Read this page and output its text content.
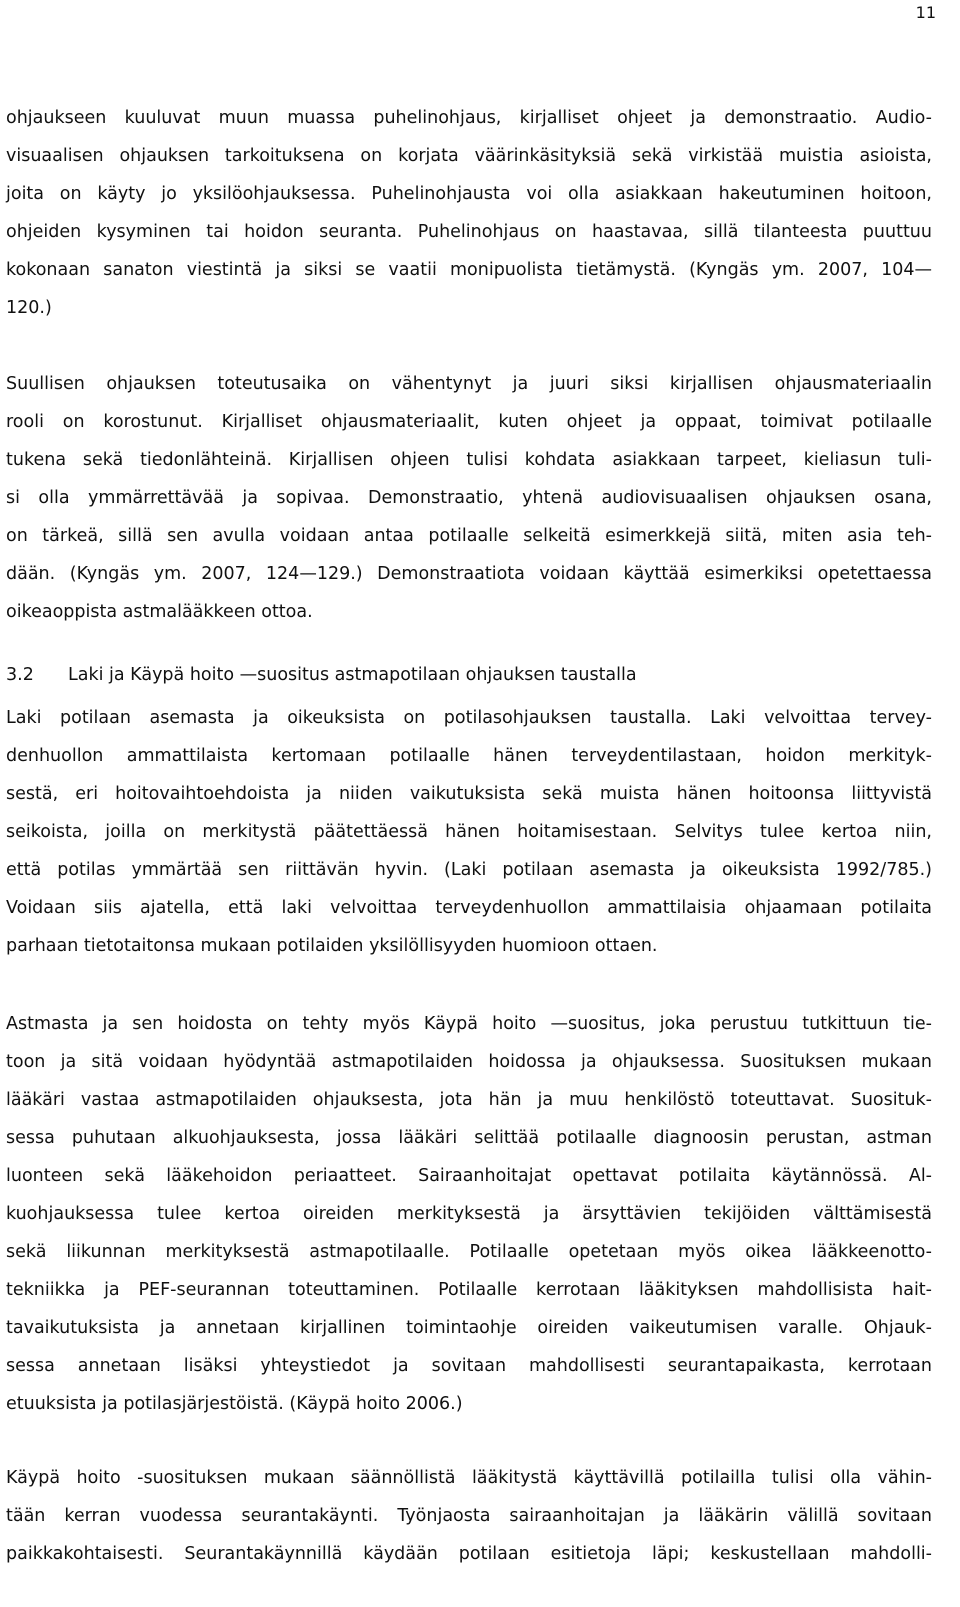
11
ohjaukseen kuuluvat muun muassa puhelinohjaus, kirjalliset ohjeet ja demonstraatio. Audio-
visuaalisen ohjauksen tarkoituksena on korjata väärinkäsityksiä sekä virkistää muistia asioista,
joita on käyty jo yksilöohjauksessa. Puhelinohjausta voi olla asiakkaan hakeutuminen hoitoon,
ohjeiden kysyminen tai hoidon seuranta. Puhelinohjaus on haastavaa, sillä tilanteesta puuttuu
kokonaan sanaton viestintä ja siksi se vaatii monipuolista tietämystä. (Kyngäs ym. 2007, 104—
120.)
Suullisen ohjauksen toteutusaika on vähentynyt ja juuri siksi kirjallisen ohjausmateriaalin
rooli on korostunut. Kirjalliset ohjausmateriaalit, kuten ohjeet ja oppaat, toimivat potilaalle
tukena sekä tiedonlähteinä. Kirjallisen ohjeen tulisi kohdata asiakkaan tarpeet, kieliasun tuli-
si olla ymmärrettävää ja sopivaa. Demonstraatio, yhtenä audiovisuaalisen ohjauksen osana,
on tärkeä, sillä sen avulla voidaan antaa potilaalle selkeitä esimerkkejä siitä, miten asia teh-
dään. (Kyngäs ym. 2007, 124—129.) Demonstraatiota voidaan käyttää esimerkiksi opetettaessa
oikeaoppista astmalääkkeen ottoa.
3.2 Laki ja Käypä hoito —suositus astmapotilaan ohjauksen taustalla
Laki potilaan asemasta ja oikeuksista on potilasohjauksen taustalla. Laki velvoittaa tervey-
denhuollon ammattilaista kertomaan potilaalle hänen terveydentilastaan, hoidon merkityk-
sestä, eri hoitovaihtoehdoista ja niiden vaikutuksista sekä muista hänen hoitoonsa liittyvistä
seikoista, joilla on merkitystä päätettäessä hänen hoitamisestaan. Selvitys tulee kertoa niin,
että potilas ymmärtää sen riittävän hyvin. (Laki potilaan asemasta ja oikeuksista 1992/785.)
Voidaan siis ajatella, että laki velvoittaa terveydenhuollon ammattilaisia ohjaamaan potilaita
parhaan tietotaitonsa mukaan potilaiden yksilöllisyyden huomioon ottaen.
Astmasta ja sen hoidosta on tehty myös Käypä hoito —suositus, joka perustuu tutkittuun tie-
toon ja sitä voidaan hyödyntää astmapotilaiden hoidossa ja ohjauksessa. Suosituksen mukaan
lääkäri vastaa astmapotilaiden ohjauksesta, jota hän ja muu henkilöstö toteuttavat. Suosituk-
sessa puhutaan alkuohjauksesta, jossa lääkäri selittää potilaalle diagnoosin perustan, astman
luonteen sekä lääkehoidon periaatteet. Sairaanhoitajat opettavat potilaita käytännössä. Al-
kuohjauksessa tulee kertoa oireiden merkityksestä ja ärsyttävien tekijöiden välttämisestä
sekä liikunnan merkityksestä astmapotilaalle. Potilaalle opetetaan myös oikea lääkkeenotto-
tekniikka ja PEF-seurannan toteuttaminen. Potilaalle kerrotaan lääkityksen mahdollisista hait-
tavaikutuksista ja annetaan kirjallinen toimintaohje oireiden vaikeutumisen varalle. Ohjauk-
sessa annetaan lisäksi yhteystiedot ja sovitaan mahdollisesti seurantapaikasta, kerrotaan
etuuksista ja potilasjärjestöistä. (Käypä hoito 2006.)
Käypä hoito -suosituksen mukaan säännöllistä lääkitystä käyttävillä potilailla tulisi olla vähin-
tään kerran vuodessa seurantakäynti. Työnjaosta sairaanhoitajan ja lääkärin välillä sovitaan
paikkakohtaisesti. Seurantakäynnillä käydään potilaan esitietoja läpi; keskustellaan mahdolli-
